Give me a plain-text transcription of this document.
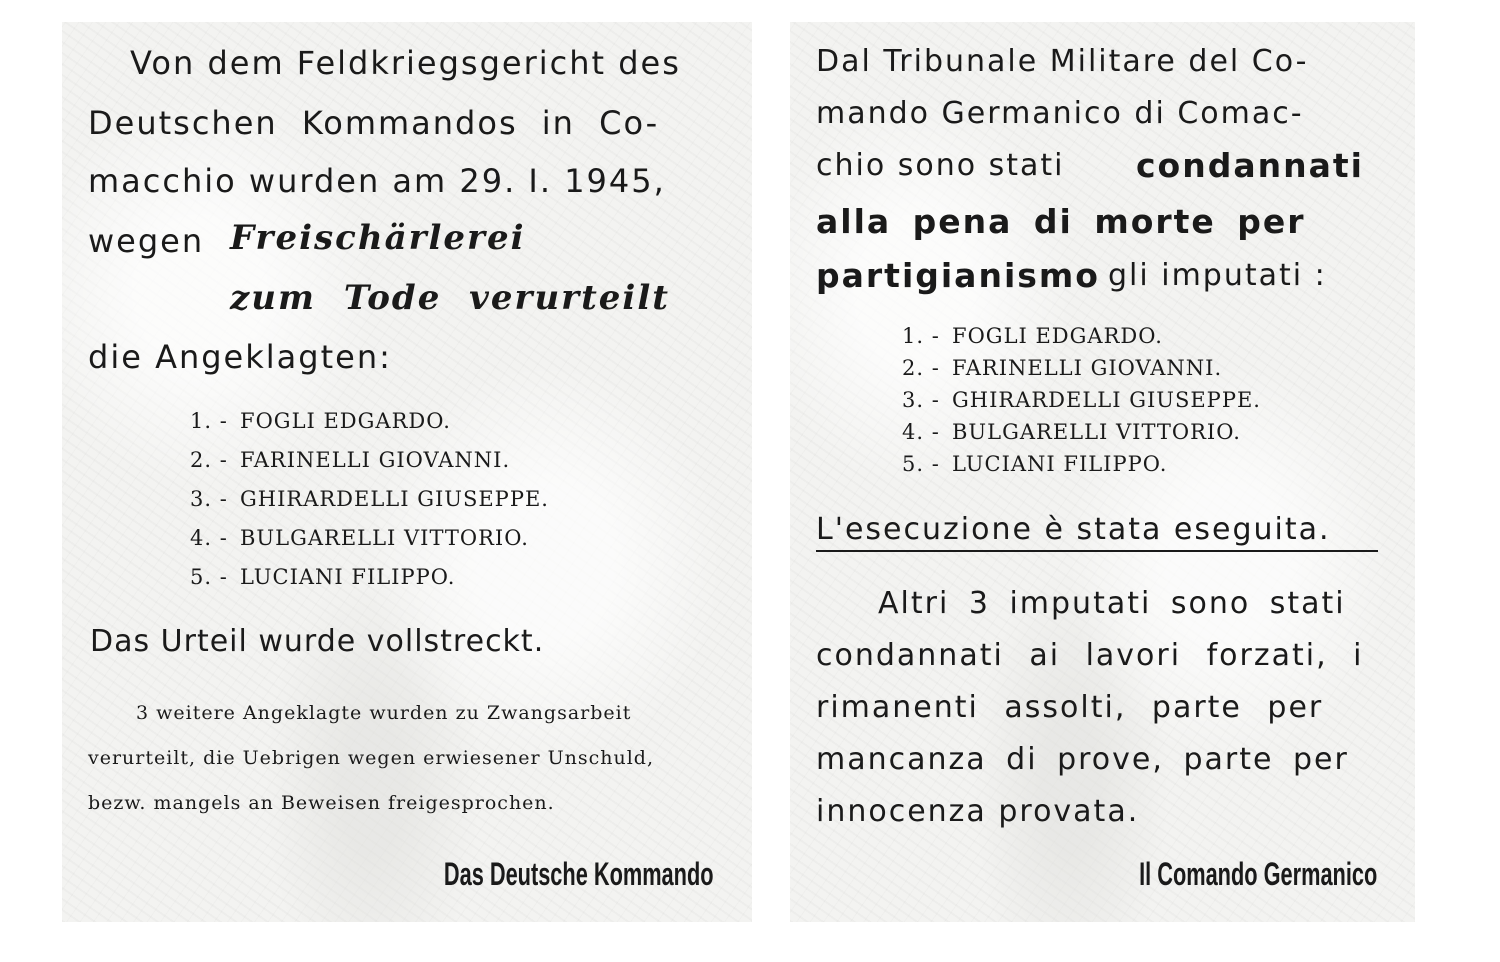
Von dem Feldkriegsgericht des

Deutschen Kommandos in Co-

macchio wurden am 29. I. 1945,

wegen Freischärlerei

zum Tode verurteilt

die Angeklagten:

1. - FOGLI EDGARDO.

2. - FARINELLI GIOVANNI.

3. - GHIRARDELLI GIUSEPPE.

4. - BULGARELLI VITTORIO.

5. - LUCIANI FILIPPO.

Das Urteil wurde vollstreckt.

3 weitere Angeklagte wurden zu Zwangsarbeit

verurteilt, die Uebrigen wegen erwiesener Unschuld,

bezw. mangels an Beweisen freigesprochen.

Das Deutsche Kommando

Dal Tribunale Militare del Co-

mando Germanico di Comac-

chio sono stati condannati

alla pena di morte per

partigianismo gli imputati :

1. - FOGLI EDGARDO.

2. - FARINELLI GIOVANNI.

3. - GHIRARDELLI GIUSEPPE.

4. - BULGARELLI VITTORIO.

5. - LUCIANI FILIPPO.

L'esecuzione è stata eseguita.

Altri 3 imputati sono stati

condannati ai lavori forzati, i

rimanenti assolti, parte per

mancanza di prove, parte per

innocenza provata.

Il Comando Germanico
